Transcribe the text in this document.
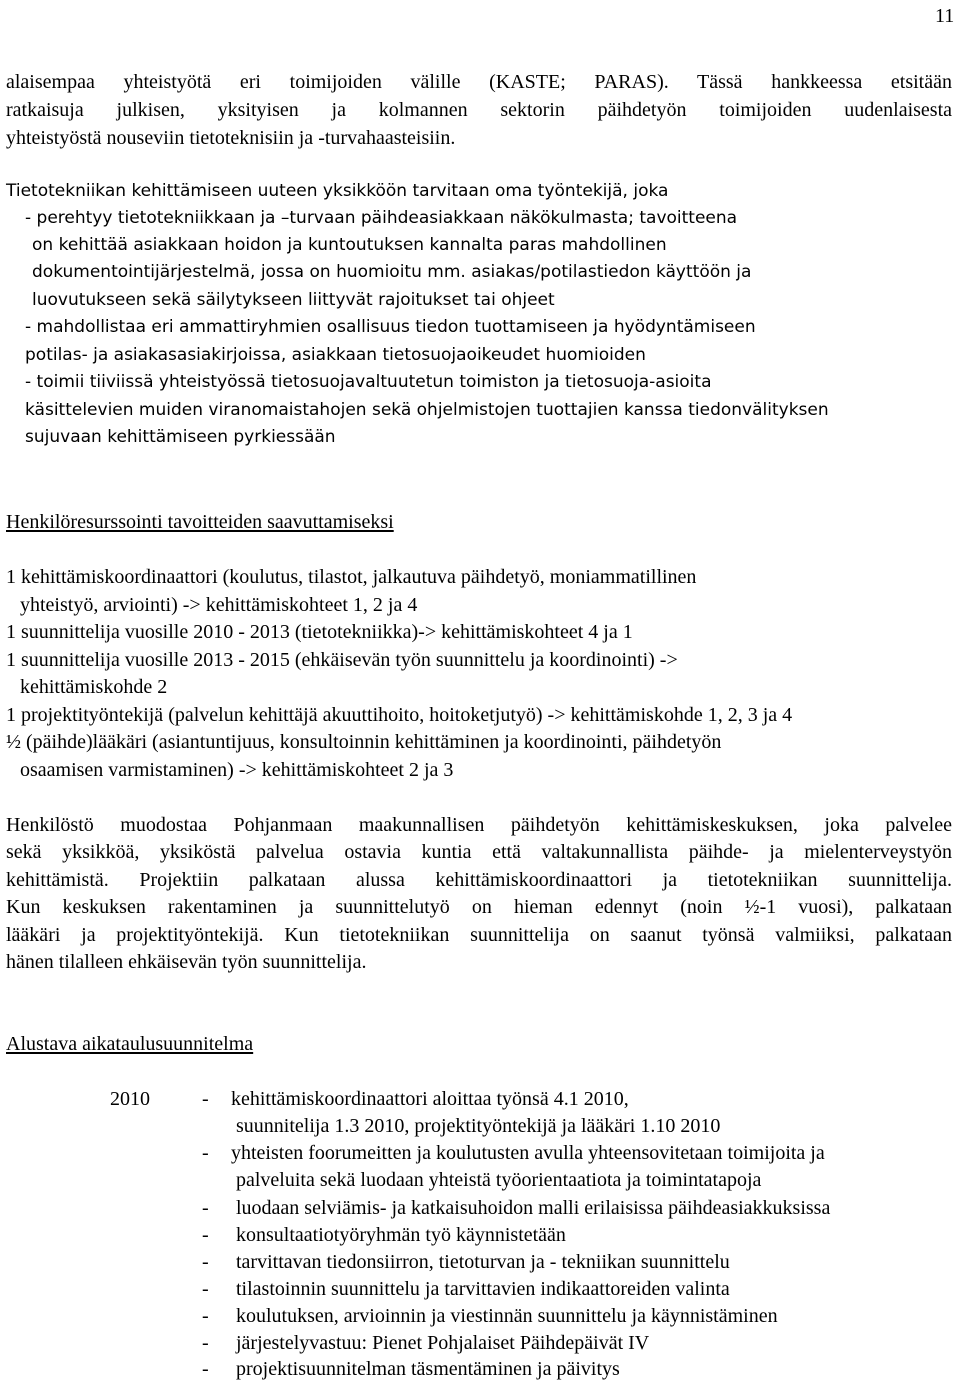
11
alaisempaa yhteistyötä eri toimijoiden välille (KASTE; PARAS). Tässä hankkeessa etsitään
ratkaisuja julkisen, yksityisen ja kolmannen sektorin päihdetyön toimijoiden uudenlaisesta
yhteistyöstä nouseviin tietoteknisiin ja -turvahaasteisiin.
Tietotekniikan kehittämiseen uuteen yksikköön tarvitaan oma työntekijä, joka
- perehtyy tietotekniikkaan ja –turvaan päihdeasiakkaan näkökulmasta; tavoitteena
on kehittää asiakkaan hoidon ja kuntoutuksen kannalta paras mahdollinen
dokumentointijärjestelmä, jossa on huomioitu mm. asiakas/potilastiedon käyttöön ja
luovutukseen sekä säilytykseen liittyvät rajoitukset tai ohjeet
- mahdollistaa eri ammattiryhmien osallisuus tiedon tuottamiseen ja hyödyntämiseen
potilas- ja asiakasasiakirjoissa, asiakkaan tietosuojaoikeudet huomioiden
- toimii tiiviissä yhteistyössä tietosuojavaltuutetun toimiston ja tietosuoja-asioita
käsittelevien muiden viranomaistahojen sekä ohjelmistojen tuottajien kanssa tiedonvälityksen
sujuvaan kehittämiseen pyrkiessään
Henkilöresurssointi tavoitteiden saavuttamiseksi
1 kehittämiskoordinaattori (koulutus, tilastot, jalkautuva päihdetyö, moniammatillinen
yhteistyö, arviointi) -> kehittämiskohteet 1, 2 ja 4
1 suunnittelija vuosille 2010 - 2013 (tietotekniikka)-> kehittämiskohteet 4 ja 1
1 suunnittelija vuosille 2013 - 2015 (ehkäisevän työn suunnittelu ja koordinointi) ->
kehittämiskohde 2
1 projektityöntekijä (palvelun kehittäjä akuuttihoito, hoitoketjutyö) -> kehittämiskohde 1, 2, 3 ja 4
½ (päihde)lääkäri (asiantuntijuus, konsultoinnin kehittäminen ja koordinointi, päihdetyön
osaamisen varmistaminen) -> kehittämiskohteet 2 ja 3
Henkilöstö muodostaa Pohjanmaan maakunnallisen päihdetyön kehittämiskeskuksen, joka palvelee
sekä yksikköä, yksiköstä palvelua ostavia kuntia että valtakunnallista päihde- ja mielenterveystyön
kehittämistä. Projektiin palkataan alussa kehittämiskoordinaattori ja tietotekniikan suunnittelija.
Kun keskuksen rakentaminen ja suunnittelutyö on hieman edennyt (noin ½-1 vuosi), palkataan
lääkäri ja projektityöntekijä. Kun tietotekniikan suunnittelija on saanut työnsä valmiiksi, palkataan
hänen tilalleen ehkäisevän työn suunnittelija.
Alustava aikataulusuunnitelma
2010	- kehittämiskoordinaattori aloittaa työnsä 4.1 2010,
suunnitelija 1.3 2010, projektityöntekijä ja lääkäri 1.10 2010
- yhteisten foorumeitten ja koulutusten avulla yhteensovitetaan toimijoita ja
palveluita sekä luodaan yhteistä työorientaatiota ja toimintatapoja
- luodaan selviämis- ja katkaisuhoidon malli erilaisissa päihdeasiakkuksissa
- konsultaatiotyöryhmän työ käynnistetään
- tarvittavan tiedonsiirron, tietoturvan ja - tekniikan suunnittelu
- tilastoinnin suunnittelu ja tarvittavien indikaattoreiden valinta
- koulutuksen, arvioinnin ja viestinnän suunnittelu ja käynnistäminen
- järjestelyvastuu: Pienet Pohjalaiset Päihdepäivät IV
- projektisuunnitelman täsmentäminen ja päivitys
